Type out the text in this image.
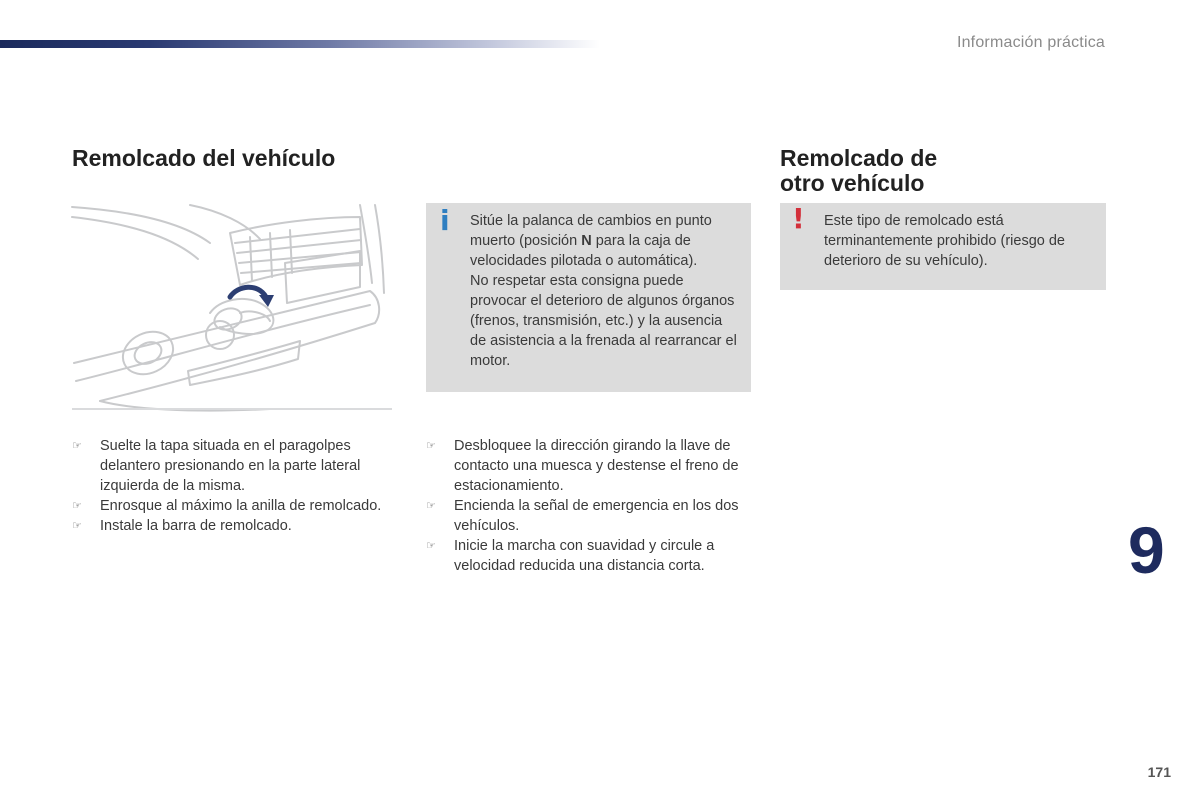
Información práctica
Remolcado del vehículo	Remolcado de
otro vehículo
i Sitúe la palanca de cambios en punto muerto (posición N para la caja de velocidades pilotada o automática).
No respetar esta consigna puede provocar el deterioro de algunos órganos (frenos, transmisión, etc.) y la ausencia de asistencia a la frenada al rearrancar el motor.
! Este tipo de remolcado está terminantemente prohibido (riesgo de deterioro de su vehículo).
☞ Suelte la tapa situada en el paragolpes delantero presionando en la parte lateral izquierda de la misma.
☞ Enrosque al máximo la anilla de remolcado.
☞ Instale la barra de remolcado.
☞ Desbloquee la dirección girando la llave de contacto una muesca y destense el freno de estacionamiento.
☞ Encienda la señal de emergencia en los dos vehículos.
☞ Inicie la marcha con suavidad y circule a velocidad reducida una distancia corta.	9
171
